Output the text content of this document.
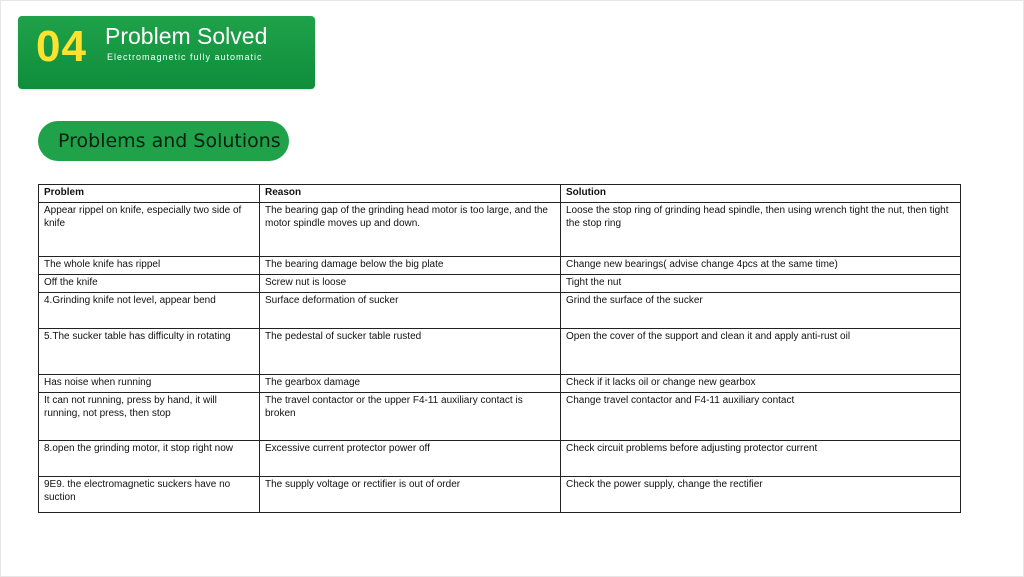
04 Problem Solved
Electromagnetic fully automatic
Problems and Solutions
Problem	Reason	Solution
Appear rippel on knife, especially two side of knife	The bearing gap of the grinding head motor is too large, and the motor spindle moves up and down.	Loose the stop ring of grinding head spindle, then using wrench tight the nut, then tight the stop ring
The whole knife has rippel	The bearing damage below the big plate	Change new bearings( advise change 4pcs at the same time)
Off the knife	Screw nut is loose	Tight the nut
4.Grinding knife not level, appear bend	Surface deformation of sucker	Grind the surface of the sucker
5.The sucker table has difficulty in rotating	The pedestal of sucker table rusted	Open the cover of the support and clean it and apply anti-rust oil
Has noise when running	The gearbox damage	Check if it lacks oil or change new gearbox
It can not running, press by hand, it will running, not press, then stop	The travel contactor or the upper F4-11 auxiliary contact is broken	Change travel contactor and F4-11 auxiliary contact
8.open the grinding motor, it stop right now	Excessive current protector power off	Check circuit problems before adjusting protector current
9E9. the electromagnetic suckers have no suction	The supply voltage or rectifier is out of order	Check the power supply, change the rectifier
